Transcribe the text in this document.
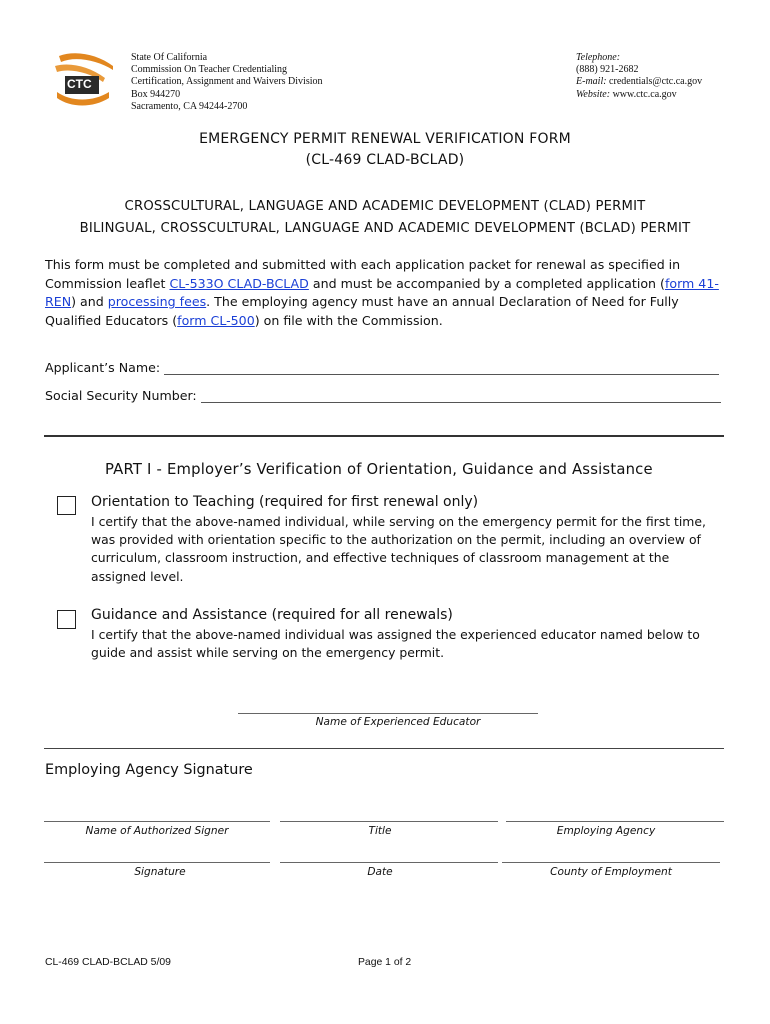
CTC
State Of California
Commission On Teacher Credentialing
Certification, Assignment and Waivers Division
Box 944270
Sacramento, CA 94244-2700
Telephone:
(888) 921-2682
E-mail: credentials@ctc.ca.gov
Website: www.ctc.ca.gov
EMERGENCY PERMIT RENEWAL VERIFICATION FORM
(CL-469 CLAD-BCLAD)
CROSSCULTURAL, LANGUAGE AND ACADEMIC DEVELOPMENT (CLAD) PERMIT
BILINGUAL, CROSSCULTURAL, LANGUAGE AND ACADEMIC DEVELOPMENT (BCLAD) PERMIT
This form must be completed and submitted with each application packet for renewal as specified in Commission leaflet CL-533O CLAD-BCLAD and must be accompanied by a completed application (form 41-REN) and processing fees. The employing agency must have an annual Declaration of Need for Fully Qualified Educators (form CL-500) on file with the Commission.
Applicant’s Name:
Social Security Number:
PART I - Employer’s Verification of Orientation, Guidance and Assistance
Orientation to Teaching (required for first renewal only)
I certify that the above-named individual, while serving on the emergency permit for the first time, was provided with orientation specific to the authorization on the permit, including an overview of curriculum, classroom instruction, and effective techniques of classroom management at the assigned level.
Guidance and Assistance (required for all renewals)
I certify that the above-named individual was assigned the experienced educator named below to guide and assist while serving on the emergency permit.
Name of Experienced Educator
Employing Agency Signature
Name of Authorized Signer	Title	Employing Agency
Signature	Date	County of Employment
CL-469 CLAD-BCLAD 5/09	Page 1 of 2
